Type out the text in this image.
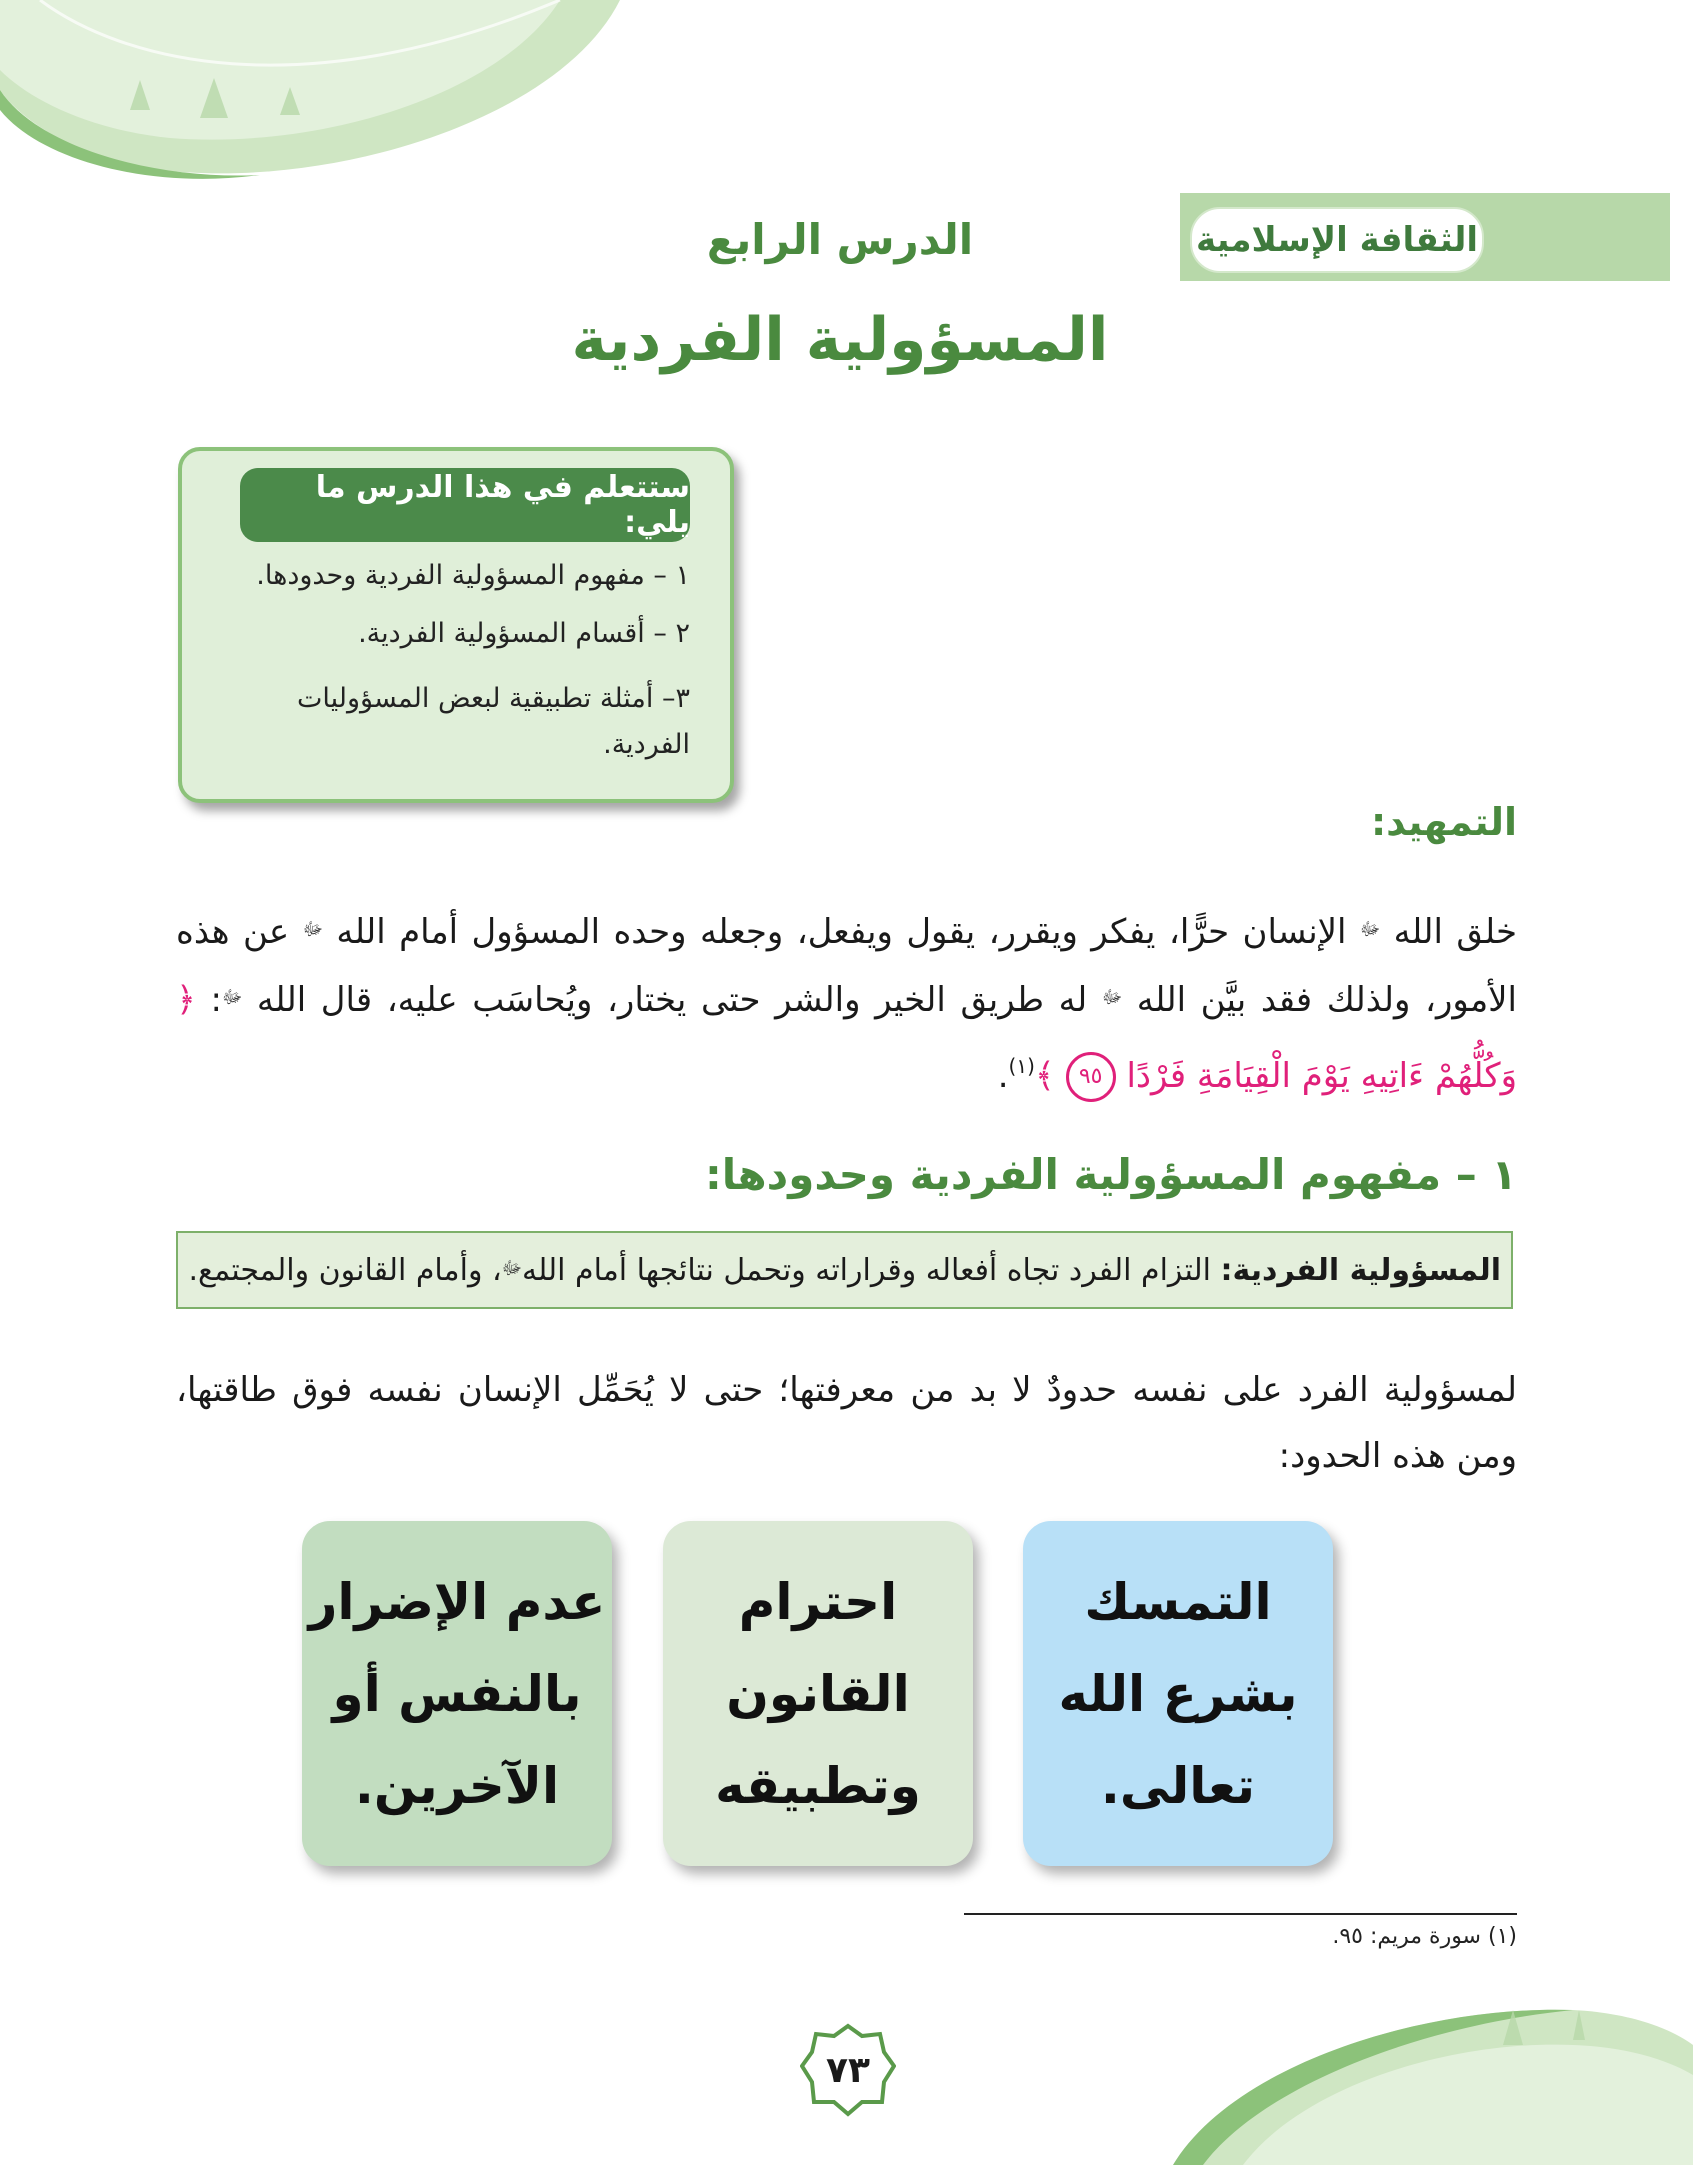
الثقافة الإسلامية
الدرس الرابع
المسؤولية الفردية
ستتعلم في هذا الدرس ما يلي:
١ – مفهوم المسؤولية الفردية وحدودها.
٢ – أقسام المسؤولية الفردية.
٣– أمثلة تطبيقية لبعض المسؤوليات الفردية.
التمهيد:
خلق الله $^ﷻ$ الإنسان حرًّا، يفكر ويقرر، يقول ويفعل، وجعله وحده المسؤول أمام الله $^ﷻ$ عن هذه الأمور، ولذلك فقد بيَّن الله $^ﷻ$ له طريق الخير والشر حتى يختار، ويُحاسَب عليه، قال الله $^ﷻ$: ﴿ وَكُلُّهُمْ ءَاتِيهِ يَوْمَ الْقِيَامَةِ فَرْدًا ٩٥ ﴾$^{(١)}$.
١ – مفهوم المسؤولية الفردية وحدودها:
المسؤولية الفردية:

التزام الفرد تجاه أفعاله وقراراته وتحمل نتائجها أمام الله
ﷻ
، وأمام القانون والمجتمع.
لمسؤولية الفرد على نفسه حدودٌ لا بد من معرفتها؛ حتى لا يُحَمِّل الإنسان نفسه فوق طاقتها، ومن هذه الحدود:
التمسك بشرع الله تعالى.
احترام القانون وتطبيقه
عدم الإضرار بالنفس أو الآخرين.
(١) سورة مريم: ٩٥.
٧٣
